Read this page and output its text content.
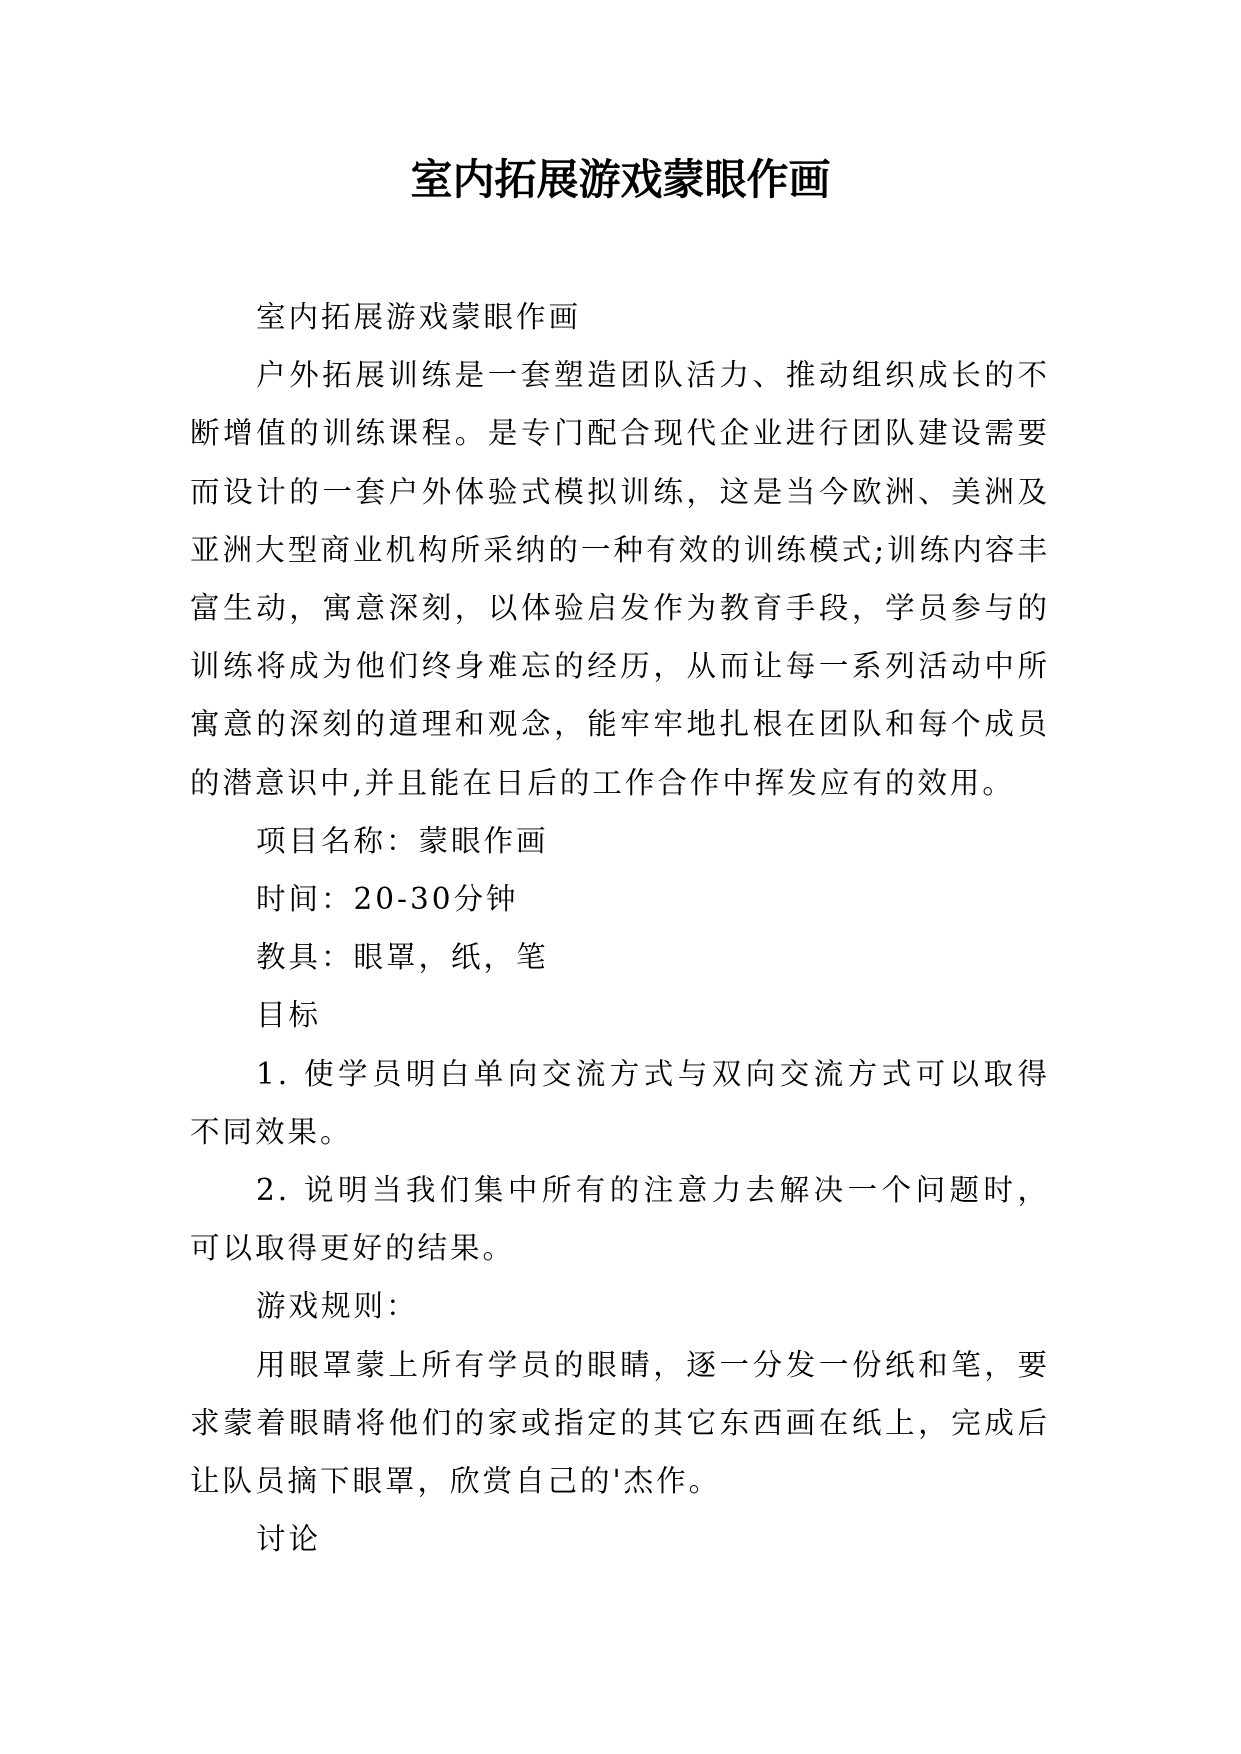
室内拓展游戏蒙眼作画

室内拓展游戏蒙眼作画

户外拓展训练是一套塑造团队活力、推动组织成长的不断增值的训练课程。是专门配合现代企业进行团队建设需要而设计的一套户外体验式模拟训练，这是当今欧洲、美洲及亚洲大型商业机构所采纳的一种有效的训练模式;训练内容丰富生动，寓意深刻，以体验启发作为教育手段，学员参与的训练将成为他们终身难忘的经历，从而让每一系列活动中所寓意的深刻的道理和观念，能牢牢地扎根在团队和每个成员的潜意识中,并且能在日后的工作合作中挥发应有的效用。

项目名称：蒙眼作画

时间：20-30分钟

教具：眼罩，纸，笔

目标

1. 使学员明白单向交流方式与双向交流方式可以取得不同效果。

2. 说明当我们集中所有的注意力去解决一个问题时，可以取得更好的结果。

游戏规则：

用眼罩蒙上所有学员的眼睛，逐一分发一份纸和笔，要求蒙着眼睛将他们的家或指定的其它东西画在纸上，完成后让队员摘下眼罩，欣赏自己的'杰作。

讨论
